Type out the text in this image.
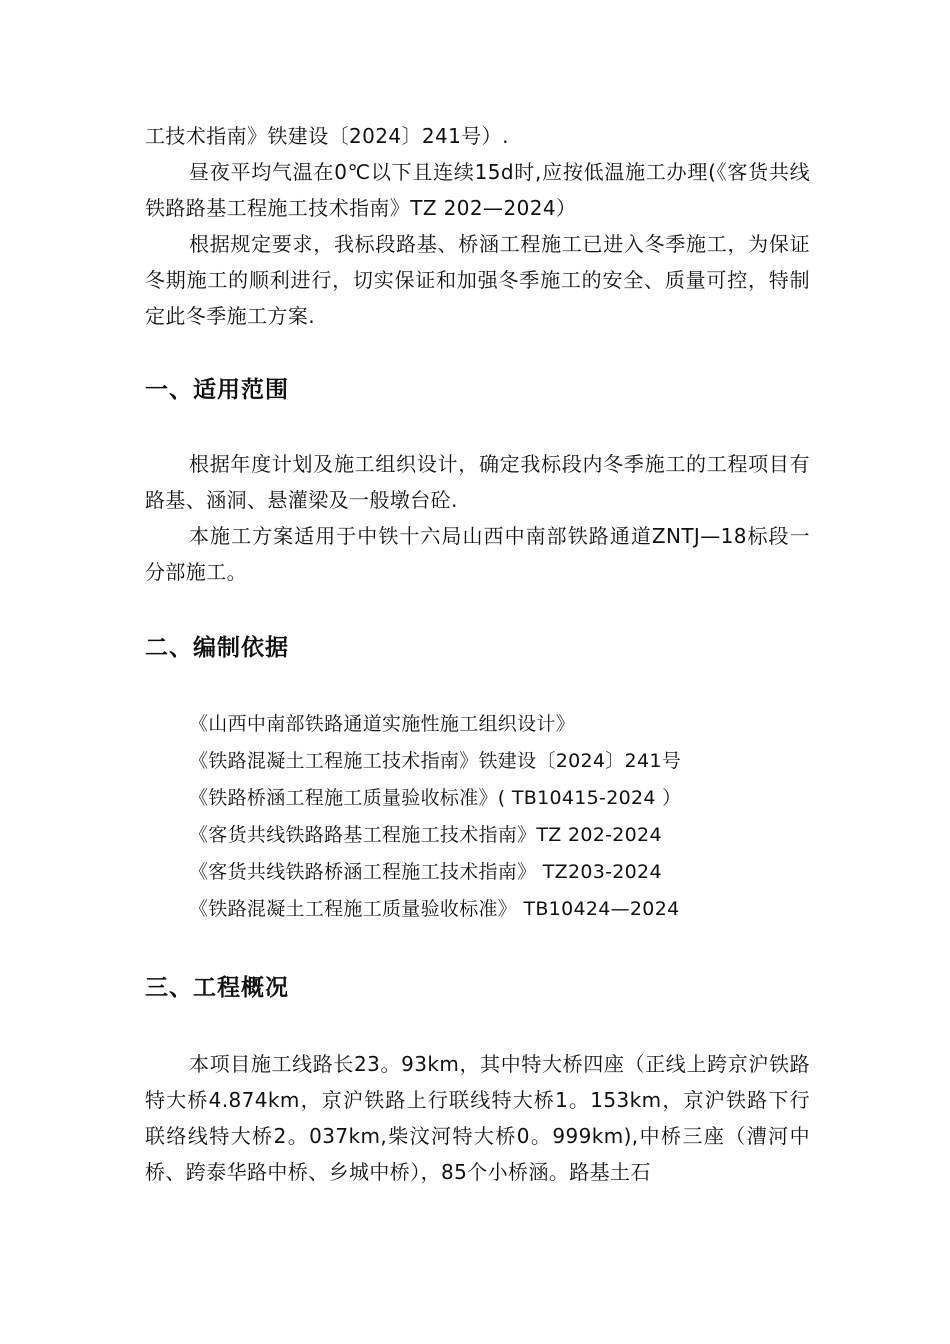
工技术指南》铁建设〔2024〕241号）.

昼夜平均气温在0℃以下且连续15d时,应按低温施工办理(《客货共线铁路路基工程施工技术指南》TZ 202—2024）

根据规定要求，我标段路基、桥涵工程施工已进入冬季施工，为保证冬期施工的顺利进行，切实保证和加强冬季施工的安全、质量可控，特制定此冬季施工方案.

一、适用范围

根据年度计划及施工组织设计，确定我标段内冬季施工的工程项目有路基、涵洞、悬灌梁及一般墩台砼.

本施工方案适用于中铁十六局山西中南部铁路通道ZNTJ—18标段一分部施工。

二、编制依据
《山西中南部铁路通道实施性施工组织设计》
《铁路混凝土工程施工技术指南》铁建设〔2024〕241号
《铁路桥涵工程施工质量验收标准》( TB10415-2024 ）
《客货共线铁路路基工程施工技术指南》TZ 202-2024
《客货共线铁路桥涵工程施工技术指南》 TZ203-2024
《铁路混凝土工程施工质量验收标准》 TB10424—2024
三、工程概况

本项目施工线路长23。93km，其中特大桥四座（正线上跨京沪铁路特大桥4.874km，京沪铁路上行联线特大桥1。153km，京沪铁路下行联络线特大桥2。037km,柴汶河特大桥0。999km),中桥三座（漕河中桥、跨泰华路中桥、乡城中桥），85个小桥涵。路基土石
